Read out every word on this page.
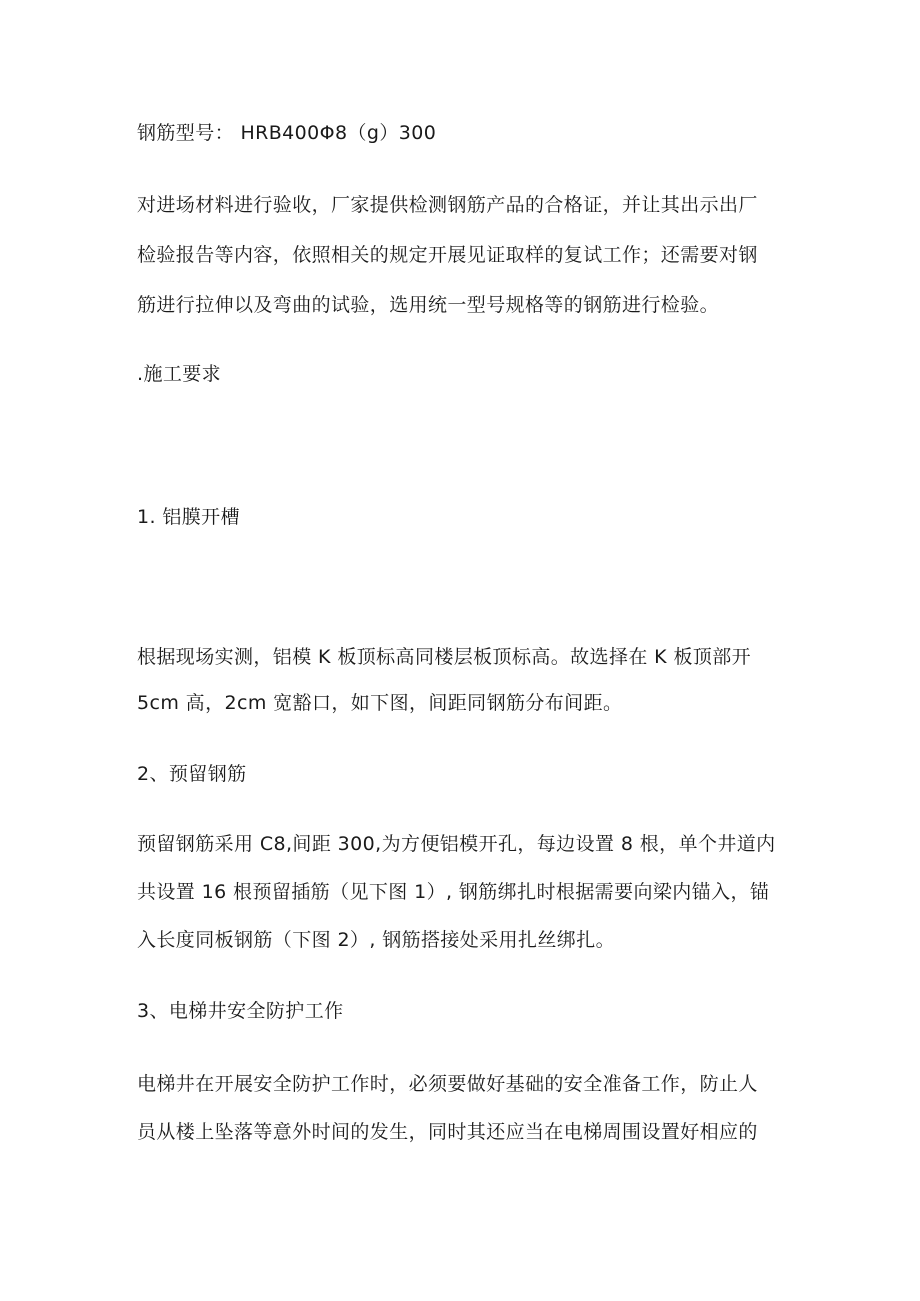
钢筋型号： HRB400Φ8（g）300
对进场材料进行验收，厂家提供检测钢筋产品的合格证，并让其出示出厂
检验报告等内容，依照相关的规定开展见证取样的复试工作；还需要对钢
筋进行拉伸以及弯曲的试验，选用统一型号规格等的钢筋进行检验。
.施工要求
1. 铝膜开槽
根据现场实测，铝模 K 板顶标高同楼层板顶标高。故选择在 K 板顶部开
5cm 高，2cm 宽豁口，如下图，间距同钢筋分布间距。
2、预留钢筋
预留钢筋采用 C8,间距 300,为方便铝模开孔，每边设置 8 根，单个井道内
共设置 16 根预留插筋（见下图 1）, 钢筋绑扎时根据需要向梁内锚入，锚
入长度同板钢筋（下图 2）, 钢筋搭接处采用扎丝绑扎。
3、电梯井安全防护工作
电梯井在开展安全防护工作时，必须要做好基础的安全准备工作，防止人
员从楼上坠落等意外时间的发生，同时其还应当在电梯周围设置好相应的
